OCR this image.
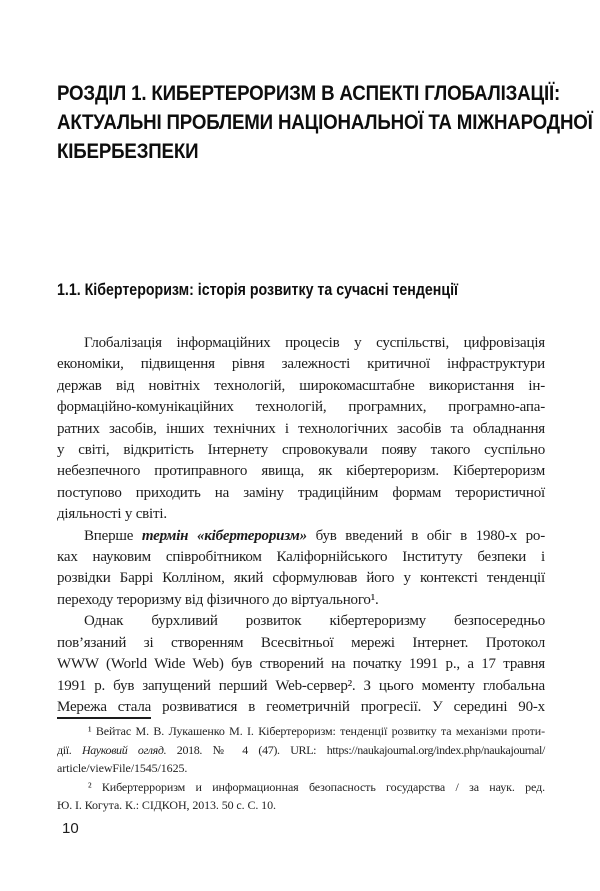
РОЗДІЛ 1. КИБЕРТЕРОРИЗМ В АСПЕКТІ ГЛОБАЛІЗАЦІЇ:
АКТУАЛЬНІ ПРОБЛЕМИ НАЦІОНАЛЬНОЇ ТА МІЖНАРОДНОЇ
КІБЕРБЕЗПЕКИ
1.1. Кібертероризм: історія розвитку та сучасні тенденції
Глобалізація інформаційних процесів у суспільстві, цифровізація
економіки, підвищення рівня залежності критичної інфраструктури
держав від новітніх технологій, широкомасштабне використання ін-
формаційно-комунікаційних технологій, програмних, програмно-апа-
ратних засобів, інших технічних і технологічних засобів та обладнання
у світі, відкритість Інтернету спровокували появу такого суспільно
небезпечного протиправного явища, як кібертероризм. Кібертероризм
поступово приходить на заміну традиційним формам терористичної
діяльності у світі.
Вперше термін «кібертероризм» був введений в обіг в 1980-х ро-
ках науковим співробітником Каліфорнійського Інституту безпеки і
розвідки Баррі Колліном, який сформулював його у контексті тенденції
переходу тероризму від фізичного до віртуального¹.
Однак бурхливий розвиток кібертероризму безпосередньо
пов’язаний зі створенням Всесвітньої мережі Інтернет. Протокол
WWW (World Wide Web) був створений на початку 1991 р., а 17 травня
1991 р. був запущений перший Web-сервер². З цього моменту глобальна
Мережа стала розвиватися в геометричній прогресії. У середині 90-х
¹ Вейтас М. В. Лукашенко М. І. Кібертероризм: тенденції розвитку та механізми проти-
дії. Науковий огляд. 2018. № 4 (47). URL: https://naukajournal.org/index.php/naukajournal/
article/viewFile/1545/1625.
² Кибертерроризм и информационная безопасность государства / за наук. ред.
Ю. І. Когута. К.: СІДКОН, 2013. 50 с. С. 10.
10
